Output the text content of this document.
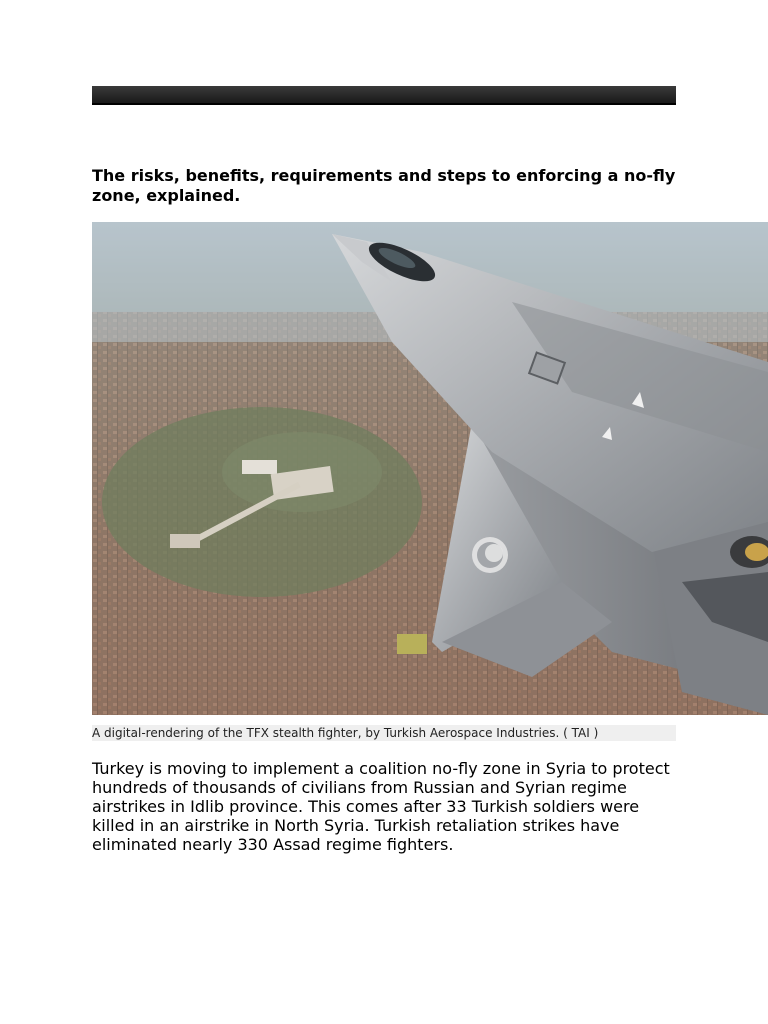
The risks, benefits, requirements and steps to enforcing a no-fly zone, explained.
A digital-rendering of the TFX stealth fighter, by Turkish Aerospace Industries. ( TAI )

Turkey is moving to implement a coalition no-fly zone in Syria to protect hundreds of thousands of civilians from Russian and Syrian regime airstrikes in Idlib province. This comes after 33 Turkish soldiers were killed in an airstrike in North Syria. Turkish retaliation strikes have eliminated nearly 330 Assad regime fighters.
